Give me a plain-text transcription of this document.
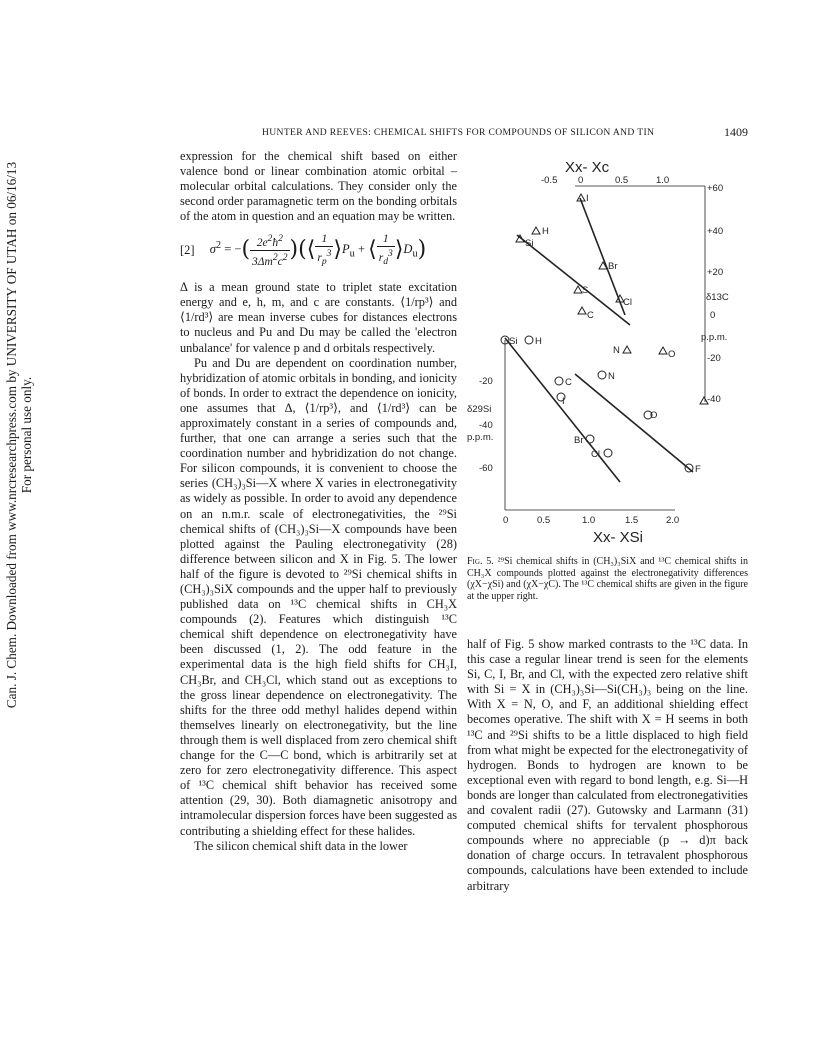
Can. J. Chem. Downloaded from www.nrcresearchpress.com by UNIVERSITY OF UTAH on 06/16/13
For personal use only.
HUNTER AND REEVES: CHEMICAL SHIFTS FOR COMPOUNDS OF SILICON AND TIN	1409

expression for the chemical shift based on either valence bond or linear combination atomic orbital – molecular orbital calculations. They consider only the second order paramagnetic term on the bonding orbitals of the atom in question and an equation may be written.

[2] $\sigma^2$ = −( $\frac{2e^2ħ^2}{3\Delta m^2c^2}$ )(⟨ $\frac{1}{r_p^3}$ $⟩P_u$ + ⟨ $\frac{1}{r_d^3}$ $⟩D_u$)

Δ is a mean ground state to triplet state excitation energy and e, h, m, and c are constants. ⟨1/rp³⟩ and ⟨1/rd³⟩ are mean inverse cubes for distances electrons to nucleus and Pu and Du may be called the 'electron unbalance' for valence p and d orbitals respectively.

Pu and Du are dependent on coordination number, hybridization of atomic orbitals in bonding, and ionicity of bonds. In order to extract the dependence on ionicity, one assumes that Δ, ⟨1/rp³⟩, and ⟨1/rd³⟩ can be approximately constant in a series of compounds and, further, that one can arrange a series such that the coordination number and hybridization do not change. For silicon compounds, it is convenient to choose the series (CH₃)₃Si—X where X varies in electronegativity as widely as possible. In order to avoid any dependence on an n.m.r. scale of electronegativities, the ²⁹Si chemical shifts of (CH₃)₃Si—X compounds have been plotted against the Pauling electronegativity (28) difference between silicon and X in Fig. 5. The lower half of the figure is devoted to ²⁹Si chemical shifts in (CH₃)₃SiX compounds and the upper half to previously published data on ¹³C chemical shifts in CH₃X compounds (2). Features which distinguish ¹³C chemical shift dependence on electronegativity have been discussed (1, 2). The odd feature in the experimental data is the high field shifts for CH₃I, CH₃Br, and CH₃Cl, which stand out as exceptions to the gross linear dependence on electronegativity. The shifts for the three odd methyl halides depend within themselves linearly on electronegativity, but the line through them is well displaced from zero chemical shift change for the C—C bond, which is arbitrarily set at zero for zero electronegativity difference. This aspect of ¹³C chemical shift behavior has received some attention (29, 30). Both diamagnetic anisotropy and intramolecular dispersion forces have been suggested as contributing a shielding effect for these halides.

The silicon chemical shift data in the lower

Xx- Xc
-0.5 0	0.5	1.0
+60
+40
+20
0
-20
-40
δ13C
p.p.m.
-20
-40
-60
δ29Si
p.p.m.
0	0.5	1.0	1.5	2.0
Xx- XSi
Si
H
I
Br
S
Cl
C
N	O
Si H
C
N
I
O
Br
Cl
F
Fig. 5. ²⁹Si chemical shifts in (CH₃)₃SiX and ¹³C chemical shifts in CH₃X compounds plotted against the electronegativity differences (χX−χSi) and (χX−χC). The ¹³C chemical shifts are given in the figure at the upper right.

half of Fig. 5 show marked contrasts to the ¹³C data. In this case a regular linear trend is seen for the elements Si, C, I, Br, and Cl, with the expected zero relative shift with Si = X in (CH₃)₃Si—Si(CH₃)₃ being on the line. With X = N, O, and F, an additional shielding effect becomes operative. The shift with X = H seems in both ¹³C and ²⁹Si shifts to be a little displaced to high field from what might be expected for the electronegativity of hydrogen. Bonds to hydrogen are known to be exceptional even with regard to bond length, e.g. Si—H bonds are longer than calculated from electronegativities and covalent radii (27). Gutowsky and Larmann (31) computed chemical shifts for tervalent phosphorous compounds where no appreciable (p → d)π back donation of charge occurs. In tetravalent phosphorous compounds, calculations have been extended to include arbitrary
